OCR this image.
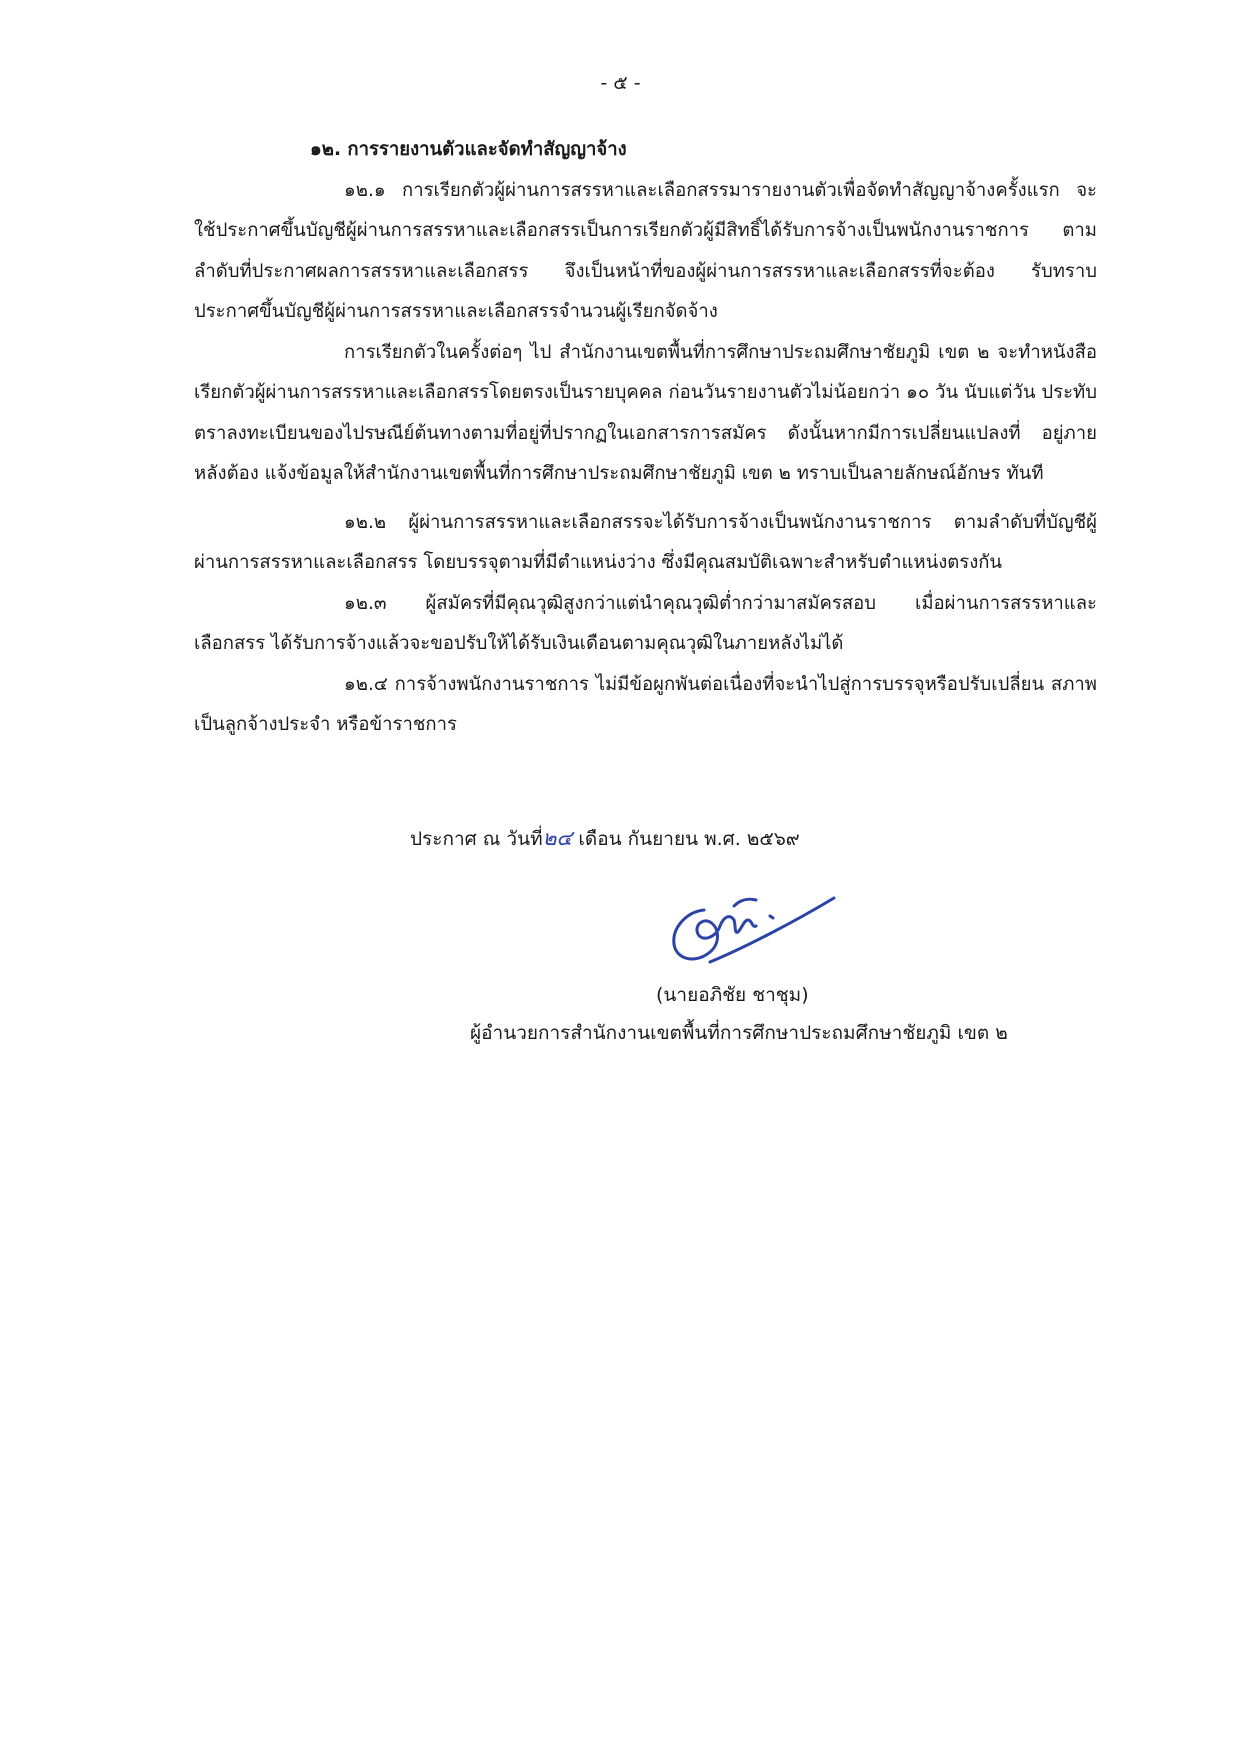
- ๕ -
๑๒. การรายงานตัวและจัดทำสัญญาจ้าง

๑๒.๑ การเรียกตัวผู้ผ่านการสรรหาและเลือกสรรมารายงานตัวเพื่อจัดทำสัญญาจ้างครั้งแรก จะใช้ประกาศขึ้นบัญชีผู้ผ่านการสรรหาและเลือกสรรเป็นการเรียกตัวผู้มีสิทธิ์ได้รับการจ้างเป็นพนักงานราชการ ตามลำดับที่ประกาศผลการสรรหาและเลือกสรร จึงเป็นหน้าที่ของผู้ผ่านการสรรหาและเลือกสรรที่จะต้อง รับทราบประกาศขึ้นบัญชีผู้ผ่านการสรรหาและเลือกสรรจำนวนผู้เรียกจัดจ้าง

การเรียกตัวในครั้งต่อๆ ไป สำนักงานเขตพื้นที่การศึกษาประถมศึกษาชัยภูมิ เขต ๒ จะทำหนังสือ เรียกตัวผู้ผ่านการสรรหาและเลือกสรรโดยตรงเป็นรายบุคคล ก่อนวันรายงานตัวไม่น้อยกว่า ๑๐ วัน นับแต่วัน ประทับตราลงทะเบียนของไปรษณีย์ต้นทางตามที่อยู่ที่ปรากฏในเอกสารการสมัคร ดังนั้นหากมีการเปลี่ยนแปลงที่ อยู่ภายหลังต้อง แจ้งข้อมูลให้สำนักงานเขตพื้นที่การศึกษาประถมศึกษาชัยภูมิ เขต ๒ ทราบเป็นลายลักษณ์อักษร ทันที

๑๒.๒ ผู้ผ่านการสรรหาและเลือกสรรจะได้รับการจ้างเป็นพนักงานราชการ ตามลำดับที่บัญชีผู้ ผ่านการสรรหาและเลือกสรร โดยบรรจุตามที่มีตำแหน่งว่าง ซึ่งมีคุณสมบัติเฉพาะสำหรับตำแหน่งตรงกัน

๑๒.๓ ผู้สมัครที่มีคุณวุฒิสูงกว่าแต่นำคุณวุฒิต่ำกว่ามาสมัครสอบ เมื่อผ่านการสรรหาและ เลือกสรร ได้รับการจ้างแล้วจะขอปรับให้ได้รับเงินเดือนตามคุณวุฒิในภายหลังไม่ได้

๑๒.๔ การจ้างพนักงานราชการ ไม่มีข้อผูกพันต่อเนื่องที่จะนำไปสู่การบรรจุหรือปรับเปลี่ยน สภาพเป็นลูกจ้างประจำ หรือข้าราชการ

ประกาศ ณ วันที่๒๔ เดือน กันยายน พ.ศ. ๒๕๖๙
(นายอภิชัย ชาชุม)
ผู้อำนวยการสำนักงานเขตพื้นที่การศึกษาประถมศึกษาชัยภูมิ เขต ๒
